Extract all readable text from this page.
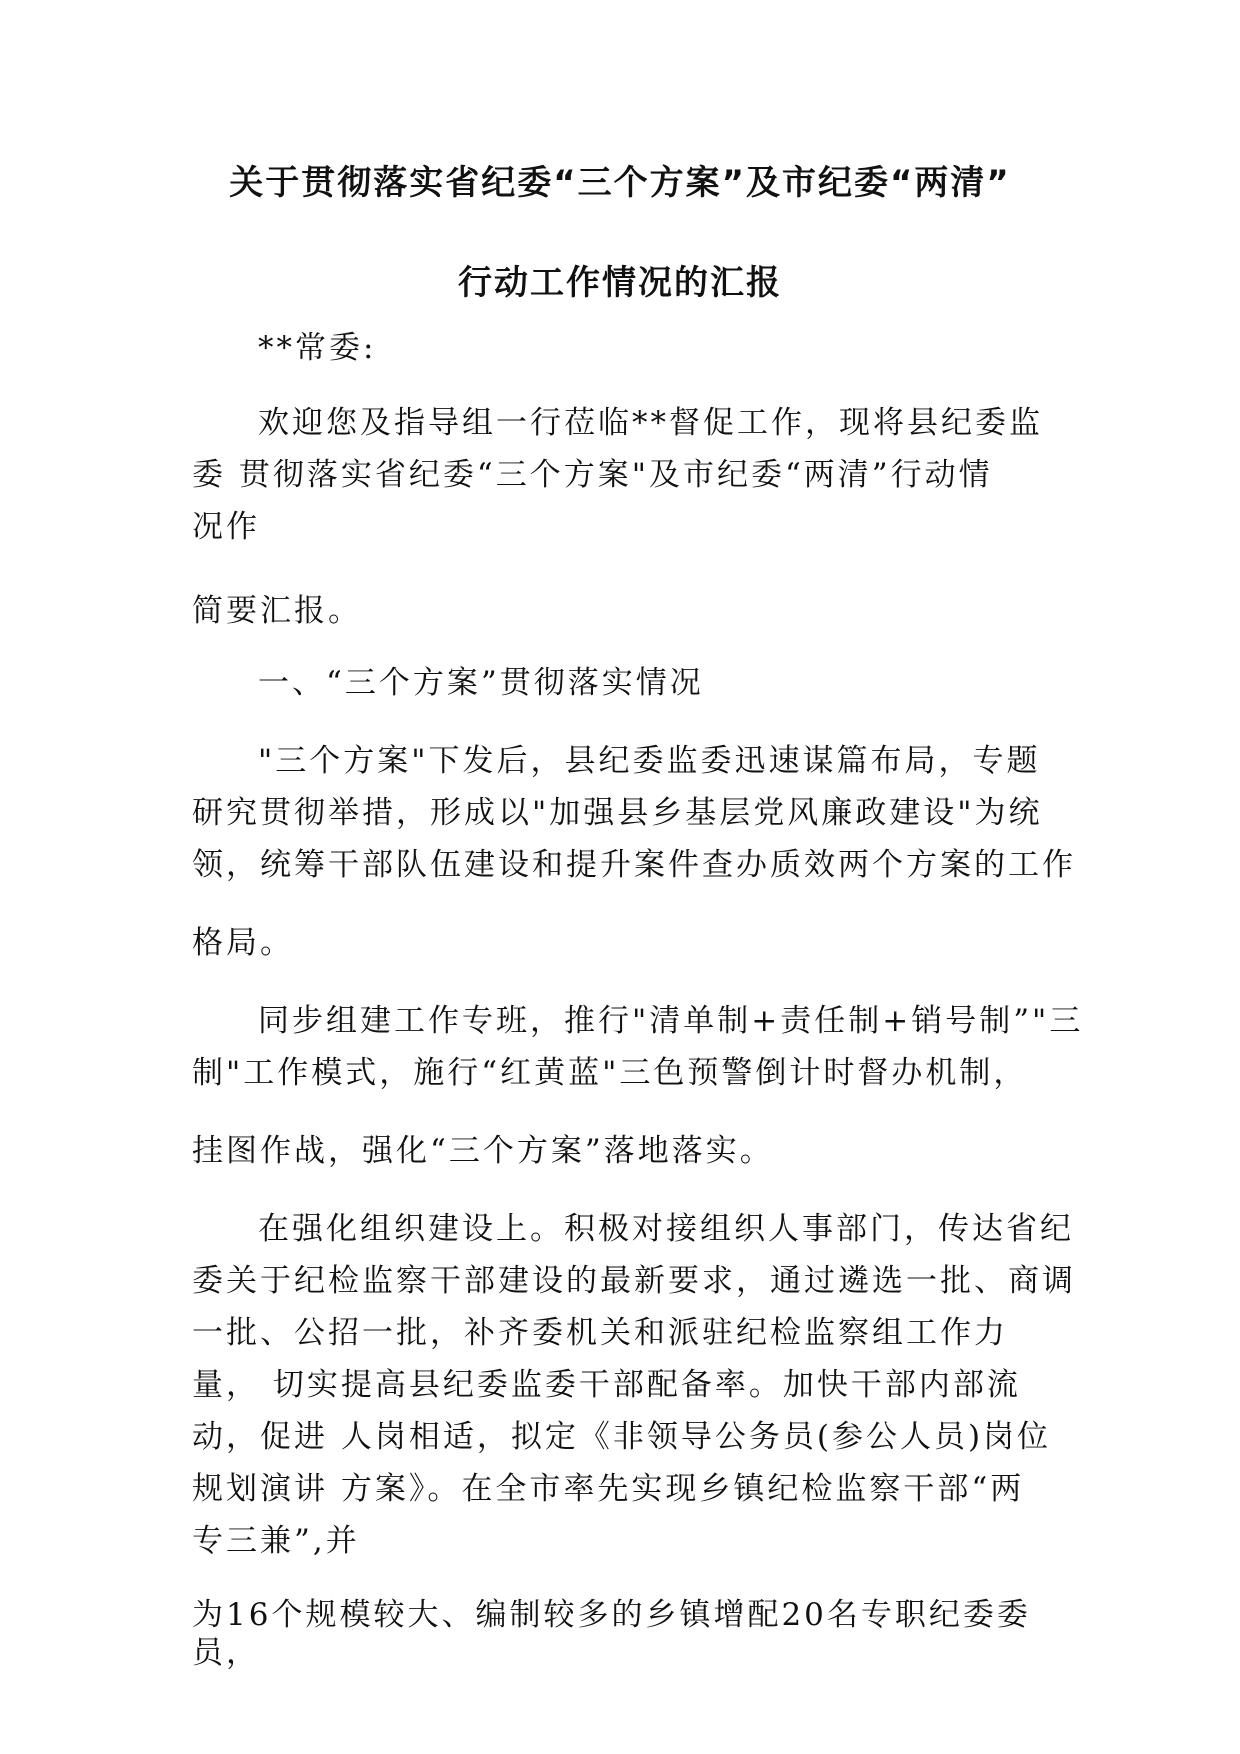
关于贯彻落实省纪委“三个方案”及市纪委“两清”
行动工作情况的汇报
**常委:
欢迎您及指导组一行莅临**督促工作，现将县纪委监
委 贯彻落实省纪委“三个方案"及市纪委“两清”行动情
况作
简要汇报。
一、“三个方案”贯彻落实情况
"三个方案"下发后，县纪委监委迅速谋篇布局，专题
研究贯彻举措，形成以"加强县乡基层党风廉政建设"为统
领，统筹干部队伍建设和提升案件查办质效两个方案的工作
格局。
同步组建工作专班，推行"清单制+责任制+销号制”"三
制"工作模式，施行“红黄蓝"三色预警倒计时督办机制，
挂图作战，强化“三个方案”落地落实。
在强化组织建设上。积极对接组织人事部门，传达省纪
委关于纪检监察干部建设的最新要求，通过遴选一批、商调
一批、公招一批，补齐委机关和派驻纪检监察组工作力
量， 切实提高县纪委监委干部配备率。加快干部内部流
动，促进 人岗相适，拟定《非领导公务员(参公人员)岗位
规划演讲 方案》。在全市率先实现乡镇纪检监察干部“两
专三兼”,并
为16个规模较大、编制较多的乡镇增配20名专职纪委委
员，
